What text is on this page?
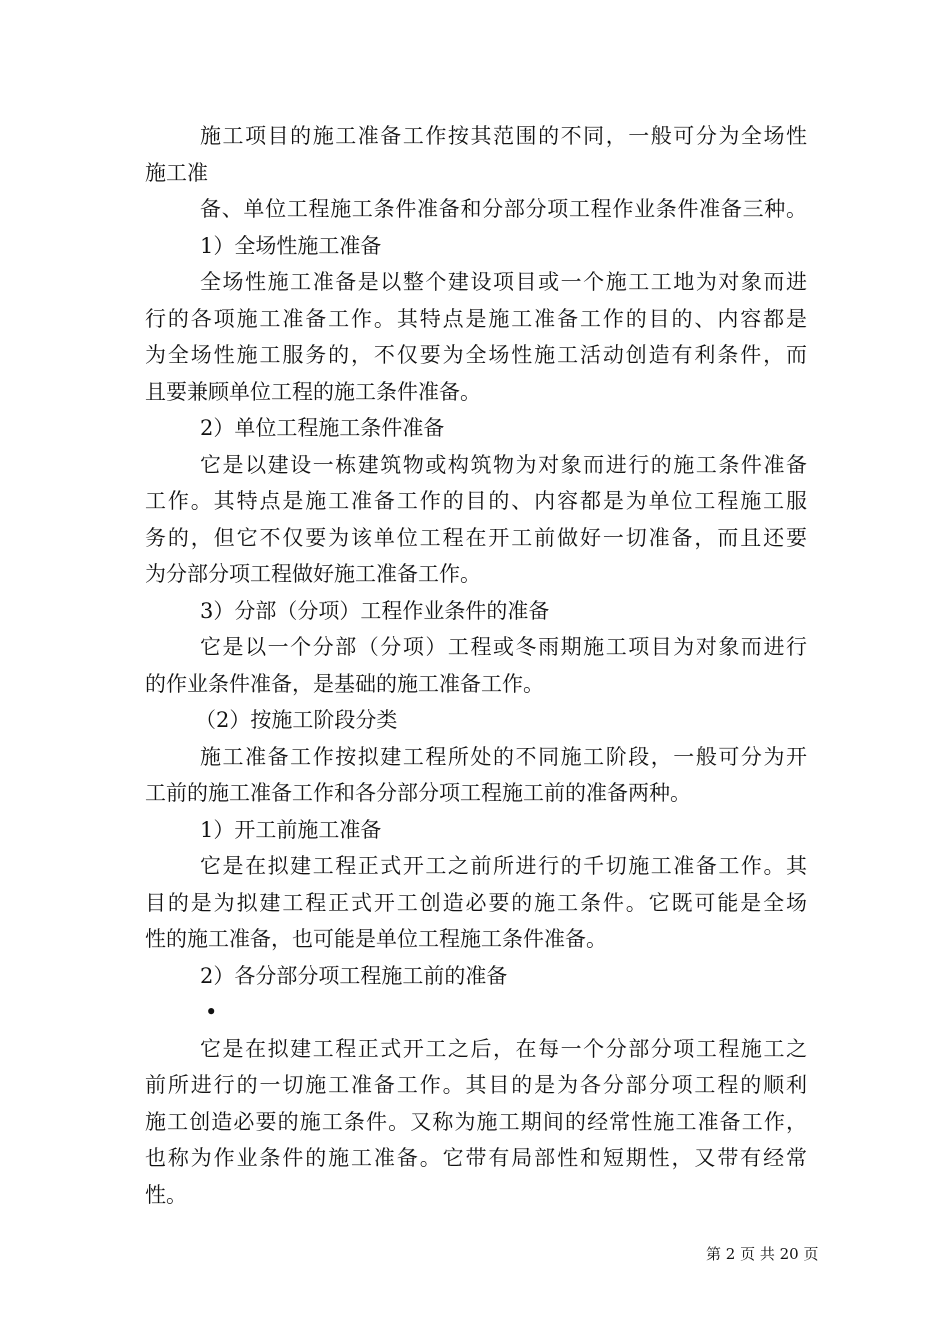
施工项目的施工准备工作按其范围的不同，一般可分为全场性
施工准
备、单位工程施工条件准备和分部分项工程作业条件准备三种。
1）全场性施工准备
全场性施工准备是以整个建设项目或一个施工工地为对象而进
行的各项施工准备工作。其特点是施工准备工作的目的、内容都是
为全场性施工服务的，不仅要为全场性施工活动创造有利条件，而
且要兼顾单位工程的施工条件准备。
2）单位工程施工条件准备
它是以建设一栋建筑物或构筑物为对象而进行的施工条件准备
工作。其特点是施工准备工作的目的、内容都是为单位工程施工服
务的，但它不仅要为该单位工程在开工前做好一切准备，而且还要
为分部分项工程做好施工准备工作。
3）分部（分项）工程作业条件的准备
它是以一个分部（分项）工程或冬雨期施工项目为对象而进行
的作业条件准备，是基础的施工准备工作。
（2）按施工阶段分类
施工准备工作按拟建工程所处的不同施工阶段，一般可分为开
工前的施工准备工作和各分部分项工程施工前的准备两种。
1）开工前施工准备
它是在拟建工程正式开工之前所进行的千切施工准备工作。其
目的是为拟建工程正式开工创造必要的施工条件。它既可能是全场
性的施工准备，也可能是单位工程施工条件准备。
2）各分部分项工程施工前的准备
•
它是在拟建工程正式开工之后，在每一个分部分项工程施工之
前所进行的一切施工准备工作。其目的是为各分部分项工程的顺利
施工创造必要的施工条件。又称为施工期间的经常性施工准备工作，
也称为作业条件的施工准备。它带有局部性和短期性，又带有经常
性。
第 2 页 共 20 页
